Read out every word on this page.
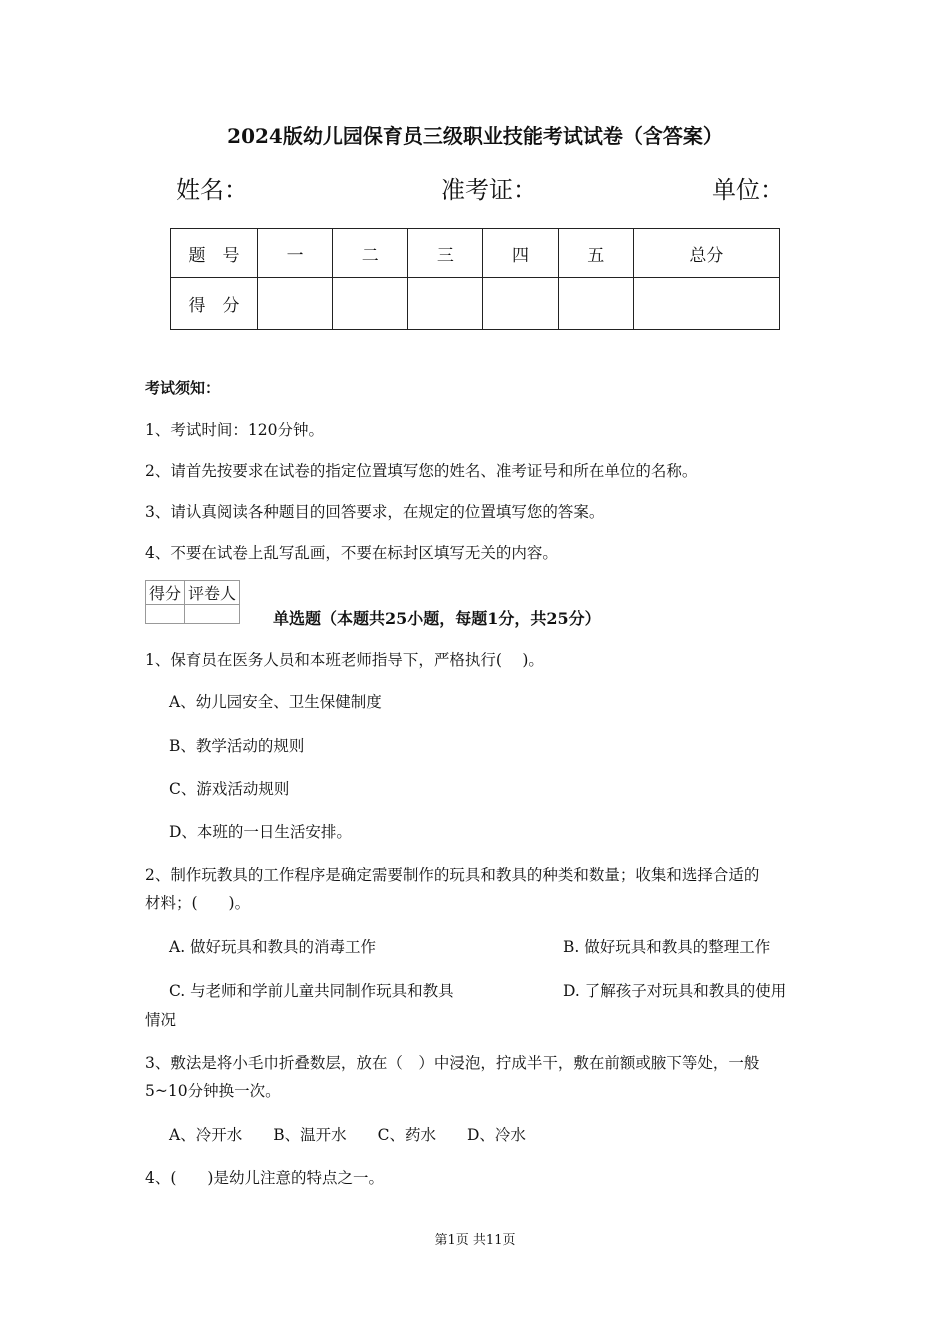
2024版幼儿园保育员三级职业技能考试试卷（含答案）
姓名：	准考证：	单位：
题　号	一	二	三	四	五	总分
得　分						
考试须知：
1、考试时间：120分钟。
2、请首先按要求在试卷的指定位置填写您的姓名、准考证号和所在单位的名称。
3、请认真阅读各种题目的回答要求，在规定的位置填写您的答案。
4、不要在试卷上乱写乱画，不要在标封区填写无关的内容。
得分	评卷人

单选题（本题共25小题，每题1分，共25分）
1、保育员在医务人员和本班老师指导下，严格执行(　 )。
A、幼儿园安全、卫生保健制度
B、教学活动的规则
C、游戏活动规则
D、本班的一日生活安排。
2、制作玩教具的工作程序是确定需要制作的玩具和教具的种类和数量；收集和选择合适的
材料；(　　)。
A. 做好玩具和教具的消毒工作	B. 做好玩具和教具的整理工作
C. 与老师和学前儿童共同制作玩具和教具	D. 了解孩子对玩具和教具的使用
情况
3、敷法是将小毛巾折叠数层，放在（　）中浸泡，拧成半干，敷在前额或腋下等处，一般
5~10分钟换一次。
A、冷开水　　B、温开水　　C、药水　　D、冷水
4、(　　)是幼儿注意的特点之一。
第1页 共11页
